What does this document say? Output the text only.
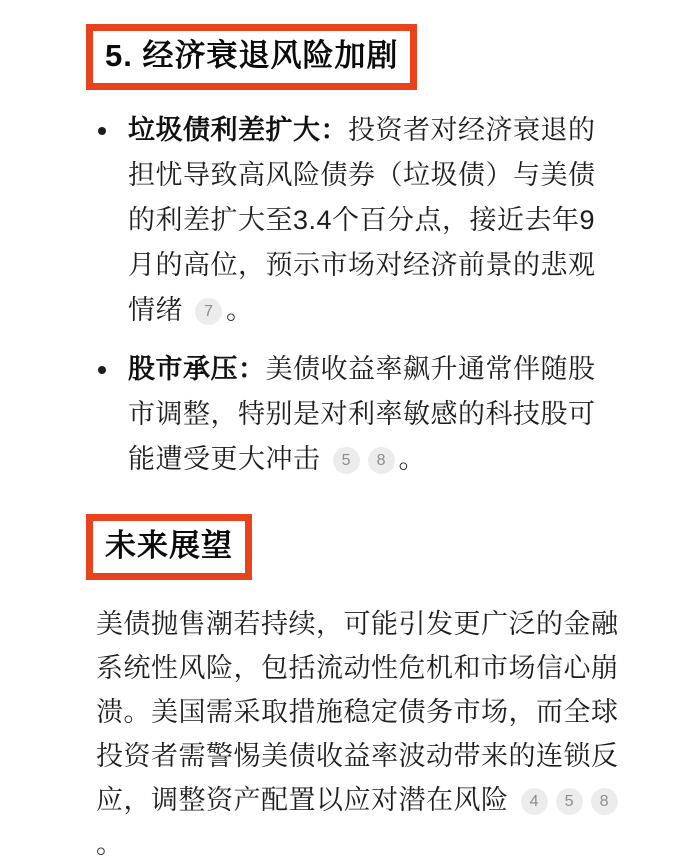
5. 经济衰退风险加剧
垃圾债利差扩大：投资者对经济衰退的担忧导致高风险债券（垃圾债）与美债的利差扩大至3.4个百分点，接近去年9月的高位，预示市场对经济前景的悲观情绪 7 。
股市承压：美债收益率飙升通常伴随股市调整，特别是对利率敏感的科技股可能遭受更大冲击 5 8 。
未来展望

美债抛售潮若持续，可能引发更广泛的金融系统性风险，包括流动性危机和市场信心崩溃。美国需采取措施稳定债务市场，而全球投资者需警惕美债收益率波动带来的连锁反应，调整资产配置以应对潜在风险 4 5 8。
